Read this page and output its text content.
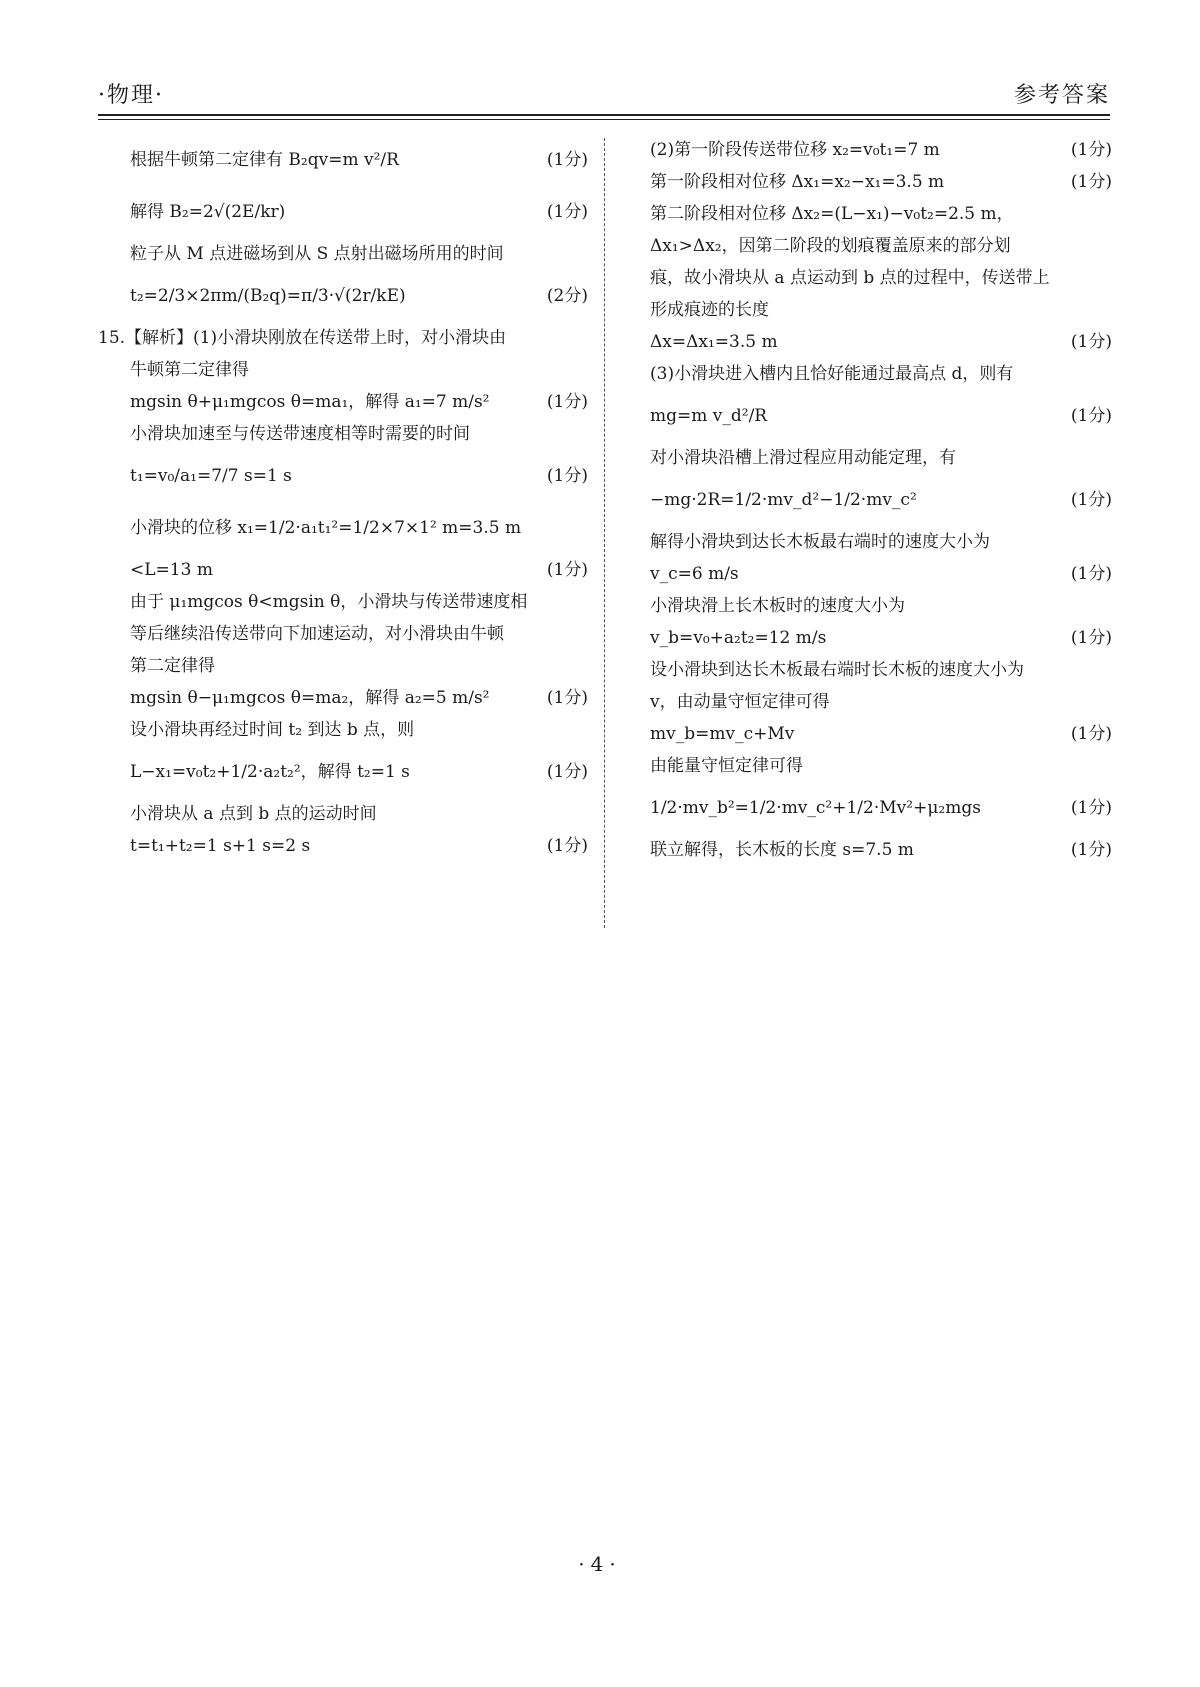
·物理·	参考答案
根据牛顿第二定律有 B₂qv=m v²/R	(1分)
解得 B₂=2√(2E/kr)	(1分)
粒子从 M 点进磁场到从 S 点射出磁场所用的时间
t₂=2/3×2πm/(B₂q)=π/3·√(2r/kE)	(2分)
15.【解析】(1)小滑块刚放在传送带上时，对小滑块由
牛顿第二定律得
mgsin θ+μ₁mgcos θ=ma₁，解得 a₁=7 m/s²	(1分)
小滑块加速至与传送带速度相等时需要的时间
t₁=v₀/a₁=7/7 s=1 s	(1分)
小滑块的位移 x₁=1/2·a₁t₁²=1/2×7×1² m=3.5 m
<L=13 m	(1分)
由于 μ₁mgcos θ<mgsin θ，小滑块与传送带速度相
等后继续沿传送带向下加速运动，对小滑块由牛顿
第二定律得
mgsin θ−μ₁mgcos θ=ma₂，解得 a₂=5 m/s²	(1分)
设小滑块再经过时间 t₂ 到达 b 点，则
L−x₁=v₀t₂+1/2·a₂t₂²，解得 t₂=1 s	(1分)
小滑块从 a 点到 b 点的运动时间
t=t₁+t₂=1 s+1 s=2 s	(1分)
(2)第一阶段传送带位移 x₂=v₀t₁=7 m	(1分)
第一阶段相对位移 Δx₁=x₂−x₁=3.5 m	(1分)
第二阶段相对位移 Δx₂=(L−x₁)−v₀t₂=2.5 m，
Δx₁>Δx₂，因第二阶段的划痕覆盖原来的部分划
痕，故小滑块从 a 点运动到 b 点的过程中，传送带上
形成痕迹的长度
Δx=Δx₁=3.5 m	(1分)
(3)小滑块进入槽内且恰好能通过最高点 d，则有
mg=m v_d²/R	(1分)
对小滑块沿槽上滑过程应用动能定理，有
−mg·2R=1/2·mv_d²−1/2·mv_c²	(1分)
解得小滑块到达长木板最右端时的速度大小为
v_c=6 m/s	(1分)
小滑块滑上长木板时的速度大小为
v_b=v₀+a₂t₂=12 m/s	(1分)
设小滑块到达长木板最右端时长木板的速度大小为
v，由动量守恒定律可得
mv_b=mv_c+Mv	(1分)
由能量守恒定律可得
1/2·mv_b²=1/2·mv_c²+1/2·Mv²+μ₂mgs	(1分)
联立解得，长木板的长度 s=7.5 m	(1分)
·4·
